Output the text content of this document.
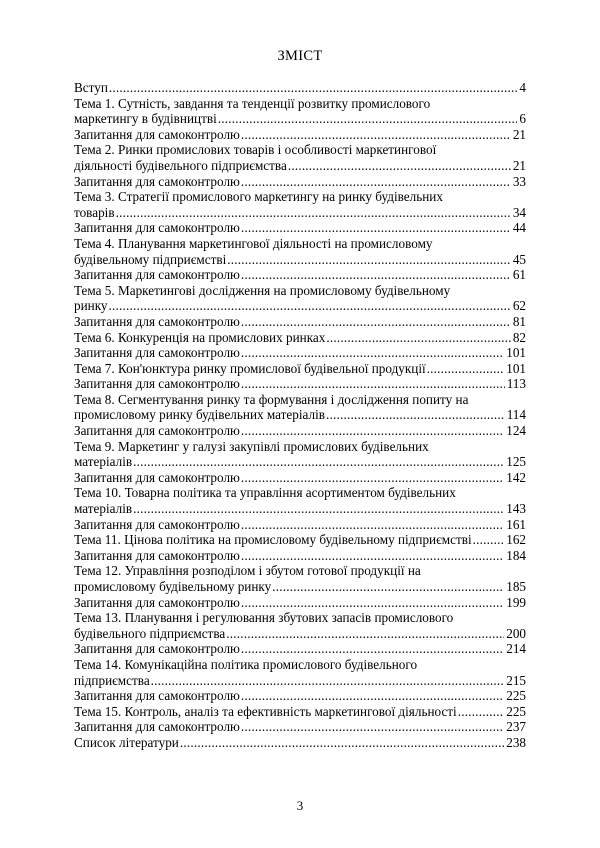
ЗМІСТ
Вступ .....	4
Тема 1. Сутність, завдання та тенденції розвитку промислового
маркетингу в будівництві .....	6
Запитання для самоконтролю .....	21
Тема 2. Ринки промислових товарів і особливості маркетингової
діяльності будівельного підприємства .....	21
Запитання для самоконтролю .....	33
Тема 3. Стратегії промислового маркетингу на ринку будівельних
товарів .....	34
Запитання для самоконтролю .....	44
Тема 4. Планування маркетингової діяльності на промисловому
будівельному підприємстві .....	45
Запитання для самоконтролю .....	61
Тема 5. Маркетингові дослідження на промисловому будівельному
ринку .....	62
Запитання для самоконтролю .....	81
Тема 6. Конкуренція на промислових ринках .....	82
Запитання для самоконтролю .....	101
Тема 7. Кон'юнктура ринку промислової будівельної продукції .....	101
Запитання для самоконтролю .....	113
Тема 8. Сегментування ринку та формування і дослідження попиту на
промисловому ринку будівельних матеріалів .....	114
Запитання для самоконтролю .....	124
Тема 9. Маркетинг у галузі закупівлі промислових будівельних
матеріалів .....	125
Запитання для самоконтролю .....	142
Тема 10. Товарна політика та управління асортиментом будівельних
матеріалів .....	143
Запитання для самоконтролю .....	161
Тема 11. Цінова політика на промисловому будівельному підприємстві .....	162
Запитання для самоконтролю .....	184
Тема 12. Управління розподілом і збутом готової продукції на
промисловому будівельному ринку .....	185
Запитання для самоконтролю .....	199
Тема 13. Планування і регулювання збутових запасів промислового
будівельного підприємства .....	200
Запитання для самоконтролю .....	214
Тема 14. Комунікаційна політика промислового будівельного
підприємства .....	215
Запитання для самоконтролю .....	225
Тема 15. Контроль, аналіз та ефективність маркетингової діяльності .....	225
Запитання для самоконтролю .....	237
Список літератури .....	238
3
